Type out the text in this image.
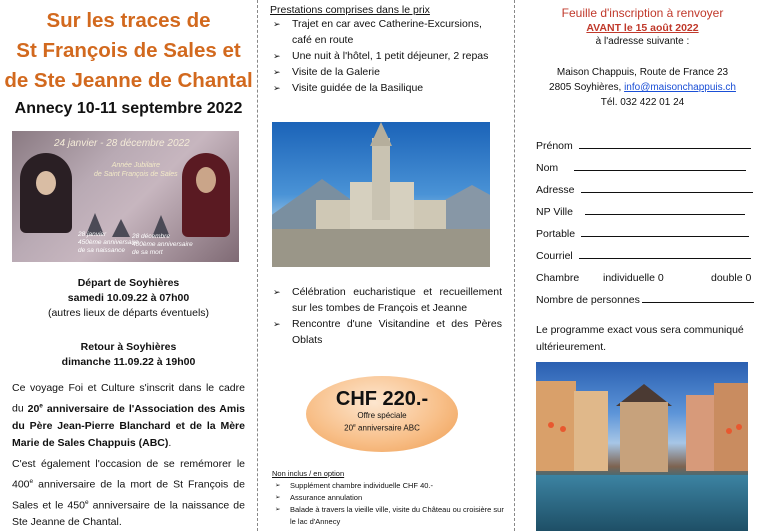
Sur les traces de
St François de Sales et
de Ste Jeanne de Chantal
Annecy 10-11 septembre 2022
24 janvier - 28 décembre 2022
Année Jubilaire
de Saint François de Sales
28 janvier
450ème anniversaire
de sa naissance
28 décembre
400ème anniversaire
de sa mort
Départ de Soyhières
samedi 10.09.22 à 07h00
(autres lieux de départs éventuels)
Retour à Soyhières
dimanche 11.09.22 à 19h00
Ce voyage Foi et Culture s'inscrit dans le cadre du 20e anniversaire de l'Association des Amis du Père Jean-Pierre Blanchard et de la Mère Marie de Sales Chappuis (ABC).
C'est également l'occasion de se remémorer le 400e anniversaire de la mort de St François de Sales et le 450e anniversaire de la naissance de Ste Jeanne de Chantal.
Prestations comprises dans le prix
➢ Trajet en car avec Catherine-Excursions, café en route
➢ Une nuit à l'hôtel, 1 petit déjeuner, 2 repas
➢ Visite de la Galerie
➢ Visite guidée de la Basilique
➢ Célébration eucharistique et recueillement sur les tombes de François et Jeanne
➢ Rencontre d'une Visitandine et des Pères Oblats
CHF 220.-
Offre spéciale
20e anniversaire ABC
Non inclus / en option
➢ Supplément chambre individuelle CHF 40.-
➢ Assurance annulation
➢ Balade à travers la vieille ville, visite du Château ou croisière sur le lac d'Annecy
Feuille d'inscription à renvoyer
AVANT le 15 août 2022
à l'adresse suivante :
Maison Chappuis, Route de France 23
2805 Soyhières, info@maisonchappuis.ch
Tél. 032 422 01 24
Prénom
Nom
Adresse
NP Ville
Portable
Courriel
Chambre	individuelle 0	double 0
Nombre de personnes
Le programme exact vous sera communiqué ultérieurement.
